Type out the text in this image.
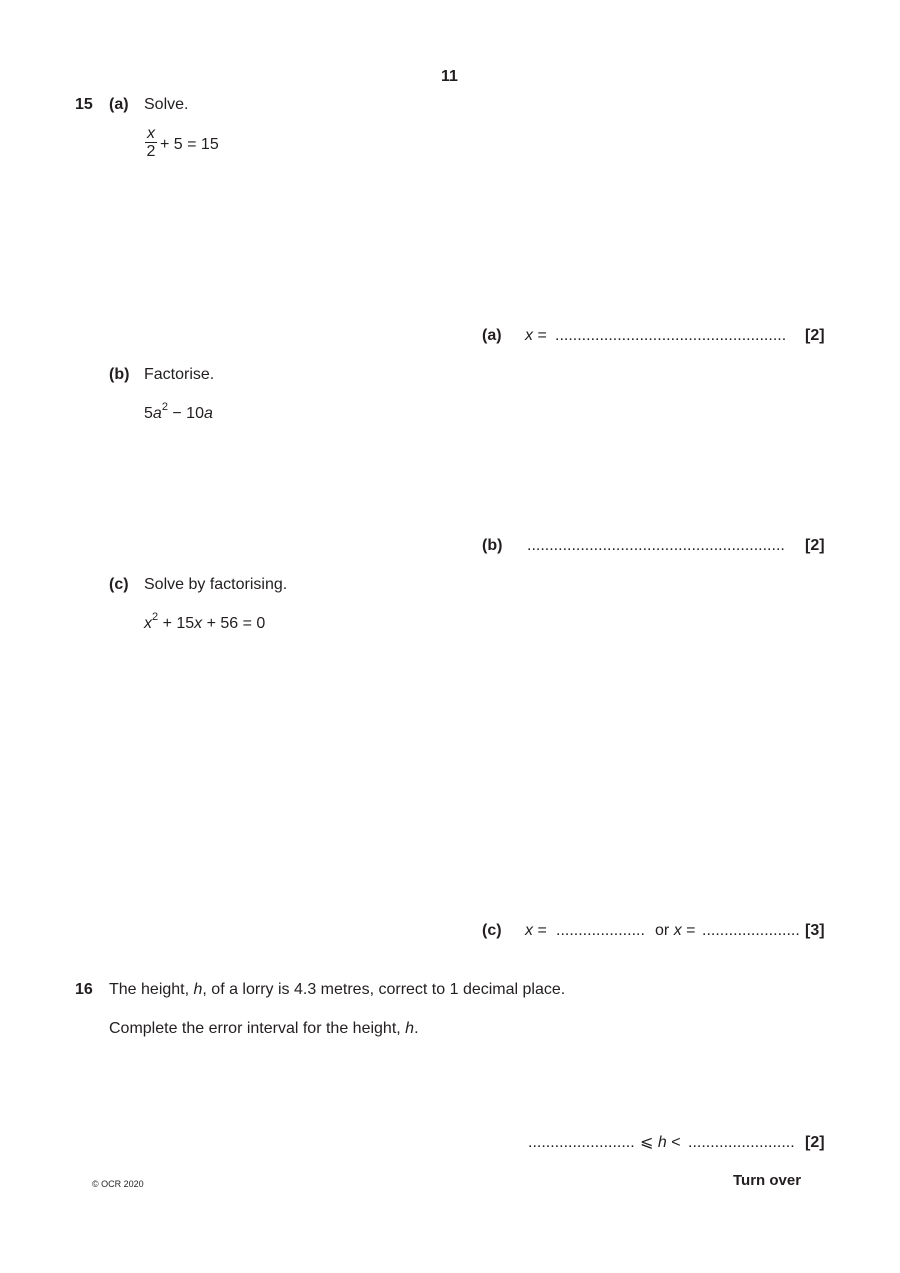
11
15 (a) Solve.
x
2 + 5 = 15
(a) x = .................................................... [2]
(b) Factorise.
$5a^2 - 10a$
(b) .......................................................... [2]
(c) Solve by factorising.
$x^2 + 15x + 56 = 0$
(c) x = .................... or x = ...................... [3]
16 The height, h, of a lorry is 4.3 metres, correct to 1 decimal place.
Complete the error interval for the height, h.
........................ ⩽ h < ........................ [2]
© OCR 2020	Turn over
